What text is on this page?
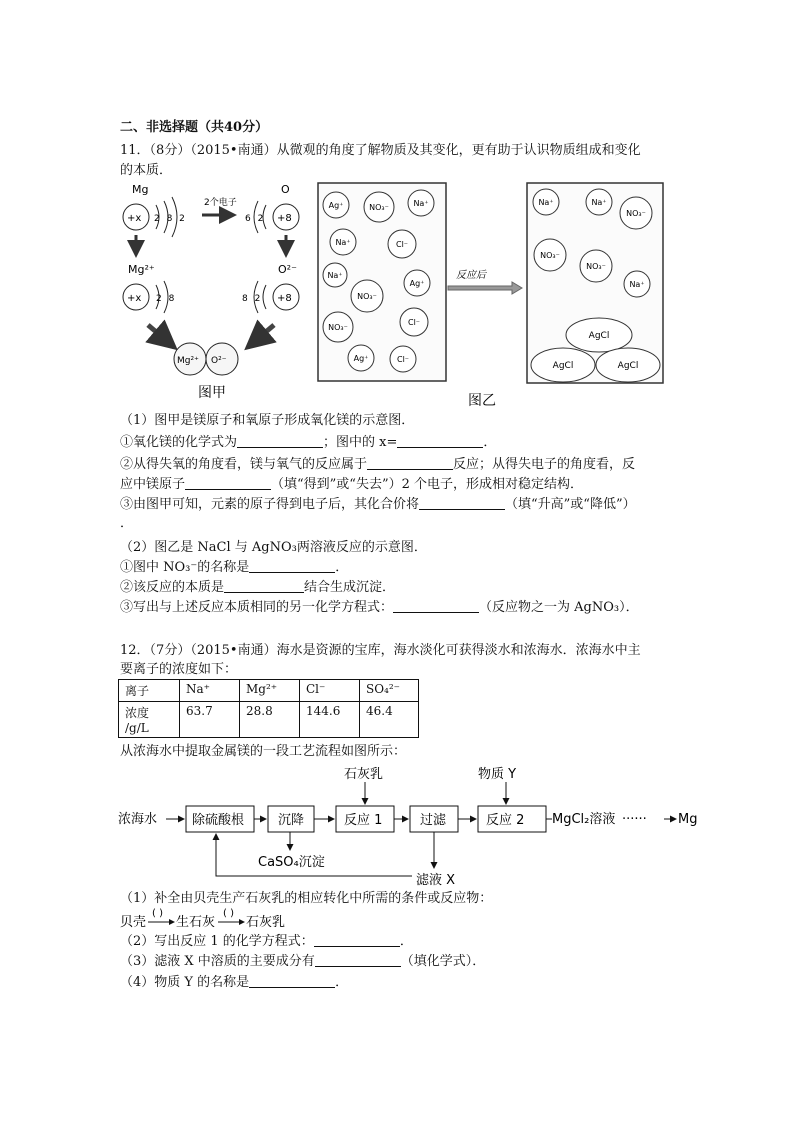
二、非选择题（共40分）
11．（8分）（2015•南通）从微观的角度了解物质及其变化，更有助于认识物质组成和变化
的本质．
Mg
+x 2 8 2
2个电子
O
+8
6 2
Mg²⁺
+x 2 8
O²⁻
+8
8 2
Mg²⁺ O²⁻
图甲
Ag⁺	NO₃⁻	Na⁺
Na⁺	Cl⁻
Na⁺
Ag⁺
NO₃⁻
Cl⁻
NO₃⁻
Ag⁺	Cl⁻
反应后
Na⁺	Na⁺
NO₃⁻
NO₃⁻
NO₃⁻
Na⁺
AgCl
AgCl	AgCl
图乙
（1）图甲是镁原子和氧原子形成氧化镁的示意图．
①氧化镁的化学式为	；图中的 x=	．
②从得失氧的角度看，镁与氧气的反应属于	反应；从得失电子的角度看，反
应中镁原子	（填“得到”或“失去”）2 个电子，形成相对稳定结构．
③由图甲可知，元素的原子得到电子后，其化合价将	（填“升高”或“降低”）
．
（2）图乙是 NaCl 与 AgNO₃两溶液反应的示意图．
①图中 NO₃⁻的名称是	．
②该反应的本质是	结合生成沉淀．
③写出与上述反应本质相同的另一化学方程式：	（反应物之一为 AgNO₃）．
12．（7分）（2015•南通）海水是资源的宝库，海水淡化可获得淡水和浓海水．浓海水中主
要离子的浓度如下：
离子	Na⁺	Mg²⁺	Cl⁻	SO₄²⁻

浓度
/g/L	63.7	28.8	144.6	46.4
从浓海水中提取金属镁的一段工艺流程如图所示：
浓海水	除硫酸根	沉降	反应 1	过滤	反应 2 MgCl₂溶液 ······ Mg
石灰乳	物质 Y
CaSO₄沉淀
滤液 X
（1）补全由贝壳生产石灰乳的相应转化中所需的条件或反应物：
贝壳
( )
生石灰
( )
石灰乳
（2）写出反应 1 的化学方程式：	．
（3）滤液 X 中溶质的主要成分有	（填化学式）．
（4）物质 Y 的名称是	．
